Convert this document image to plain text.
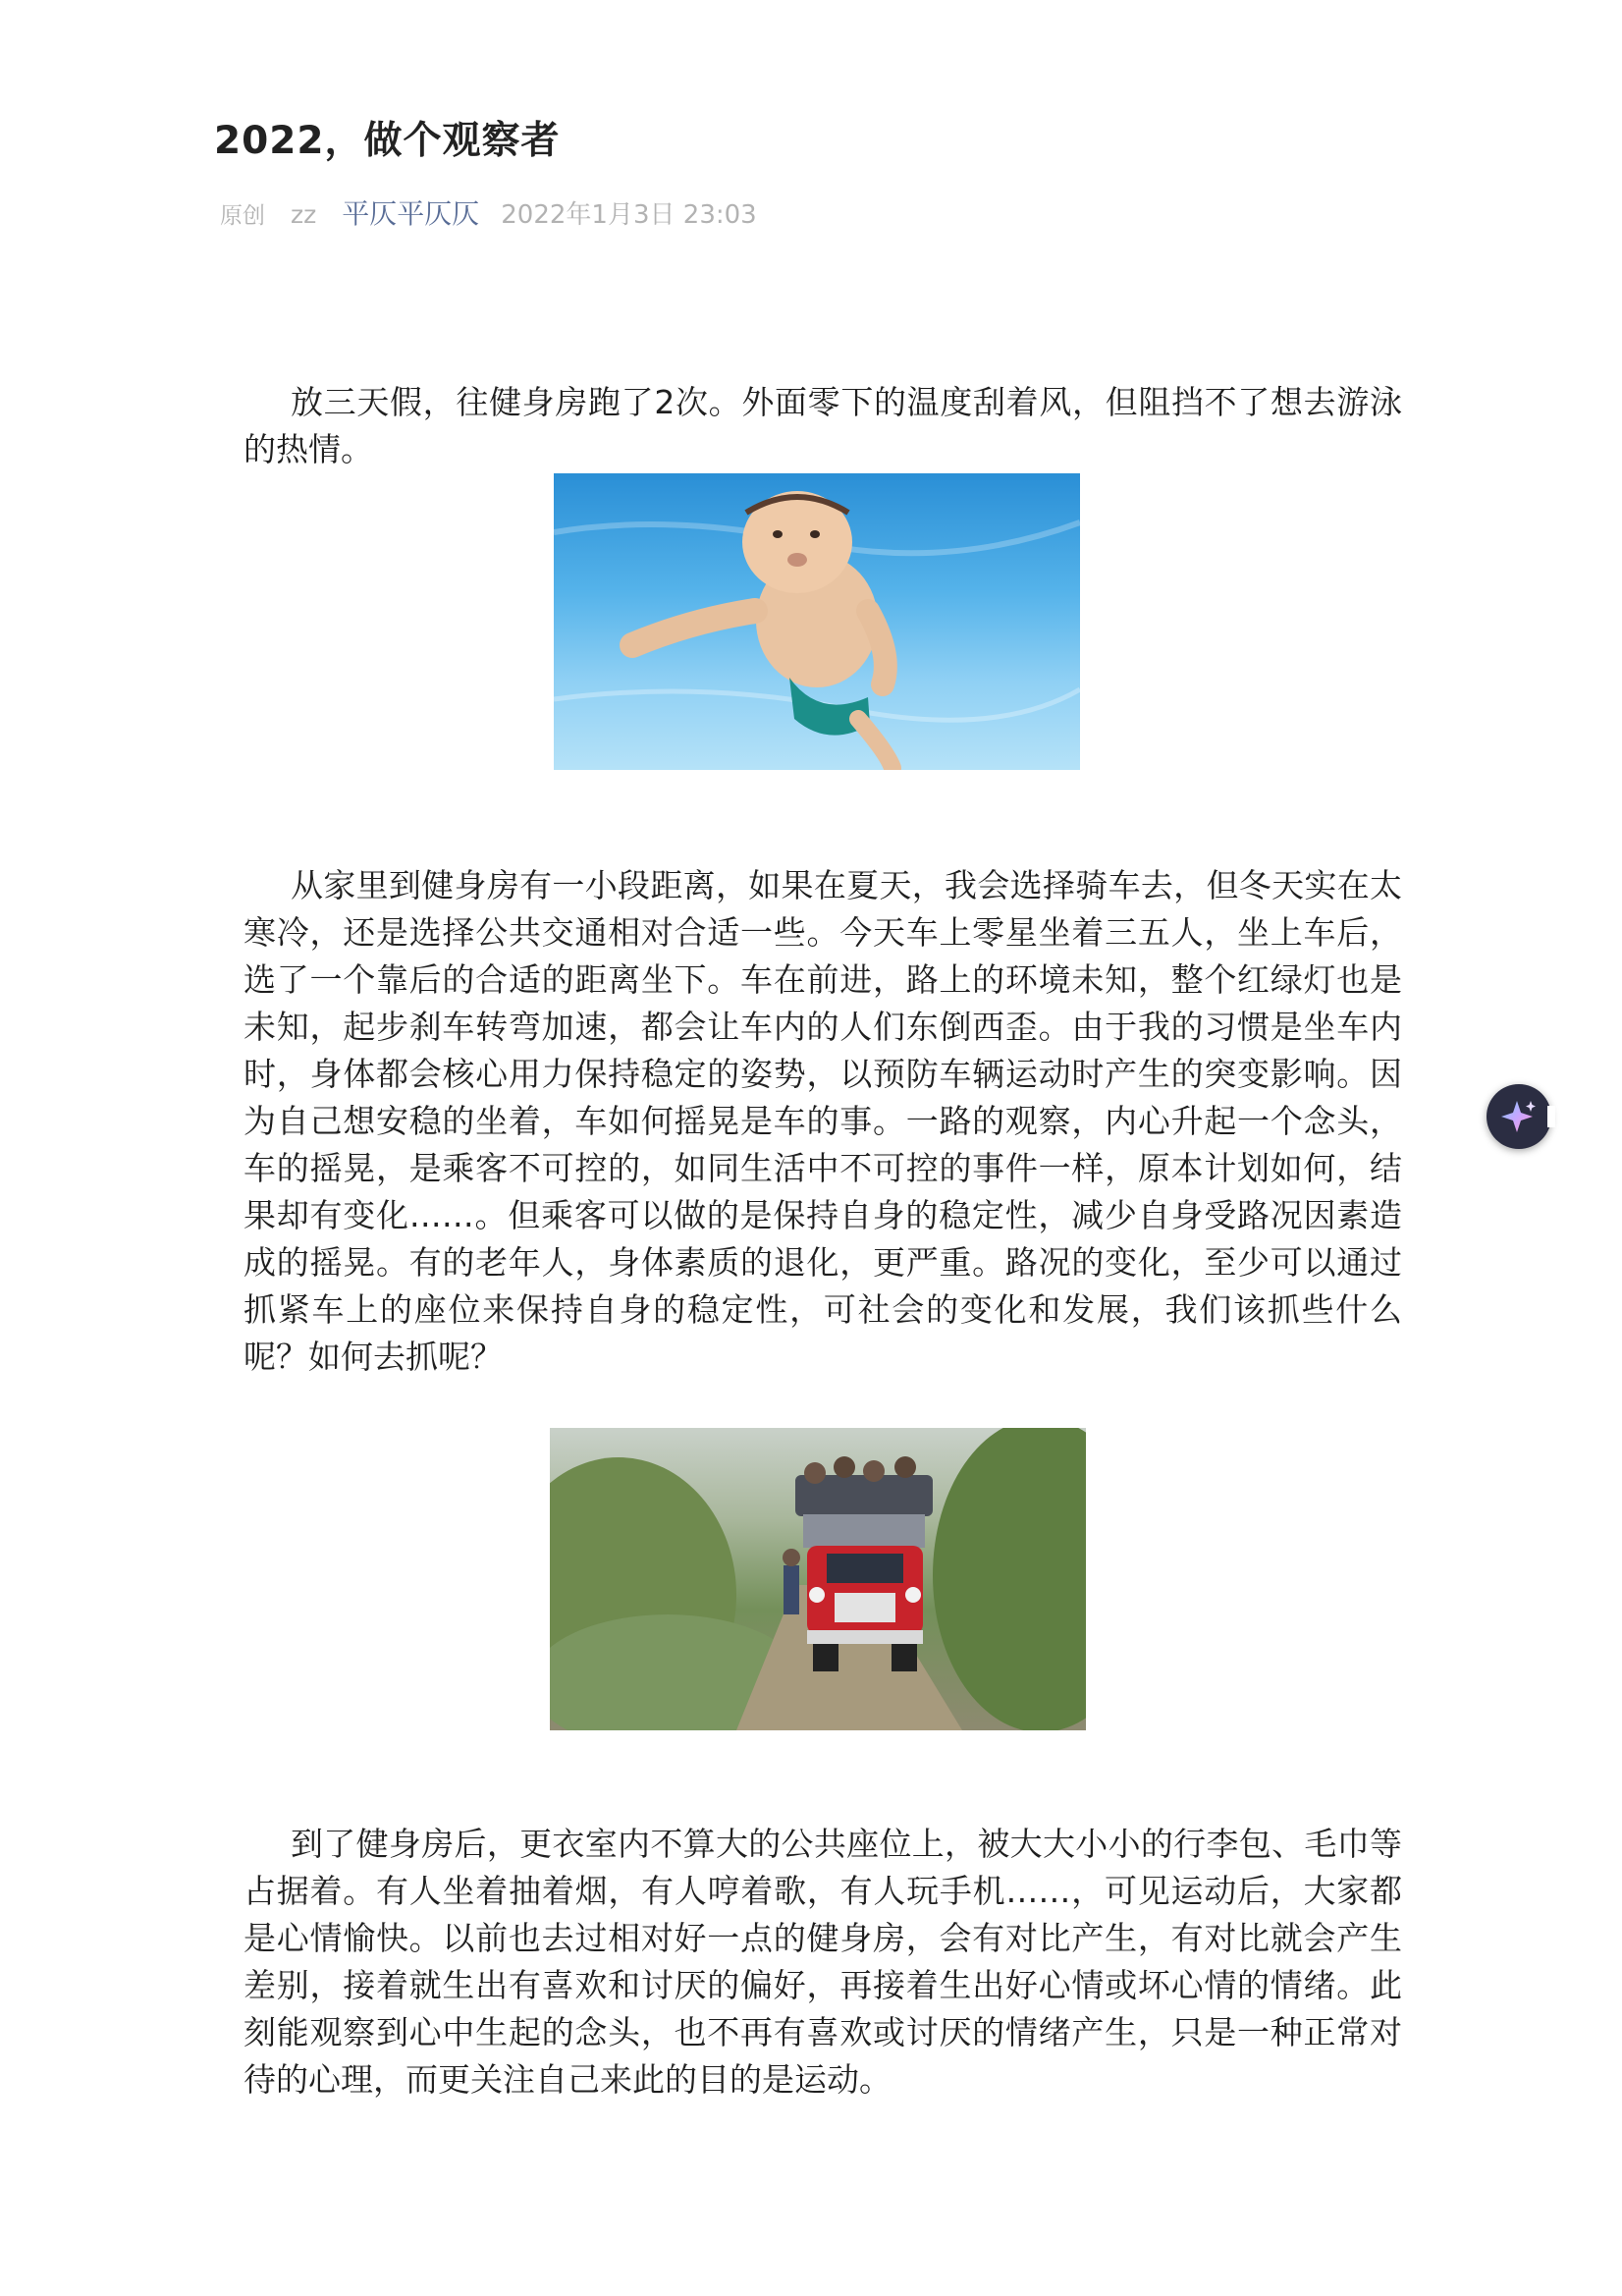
2022，做个观察者
原创 zz 平仄平仄仄 2022年1月3日 23:03

放三天假，往健身房跑了2次。外面零下的温度刮着风，但阻挡不了想去游泳的热情。

从家里到健身房有一小段距离，如果在夏天，我会选择骑车去，但冬天实在太寒冷，还是选择公共交通相对合适一些。今天车上零星坐着三五人，坐上车后，选了一个靠后的合适的距离坐下。车在前进，路上的环境未知，整个红绿灯也是未知，起步刹车转弯加速，都会让车内的人们东倒西歪。由于我的习惯是坐车内时，身体都会核心用力保持稳定的姿势，以预防车辆运动时产生的突变影响。因为自己想安稳的坐着，车如何摇晃是车的事。一路的观察，内心升起一个念头，车的摇晃，是乘客不可控的，如同生活中不可控的事件一样，原本计划如何，结果却有变化……。但乘客可以做的是保持自身的稳定性，减少自身受路况因素造成的摇晃。有的老年人，身体素质的退化，更严重。路况的变化，至少可以通过抓紧车上的座位来保持自身的稳定性，可社会的变化和发展，我们该抓些什么呢？如何去抓呢？

到了健身房后，更衣室内不算大的公共座位上，被大大小小的行李包、毛巾等占据着。有人坐着抽着烟，有人哼着歌，有人玩手机……，可见运动后，大家都是心情愉快。以前也去过相对好一点的健身房，会有对比产生，有对比就会产生差别，接着就生出有喜欢和讨厌的偏好，再接着生出好心情或坏心情的情绪。此刻能观察到心中生起的念头，也不再有喜欢或讨厌的情绪产生，只是一种正常对待的心理，而更关注自己来此的目的是运动。
